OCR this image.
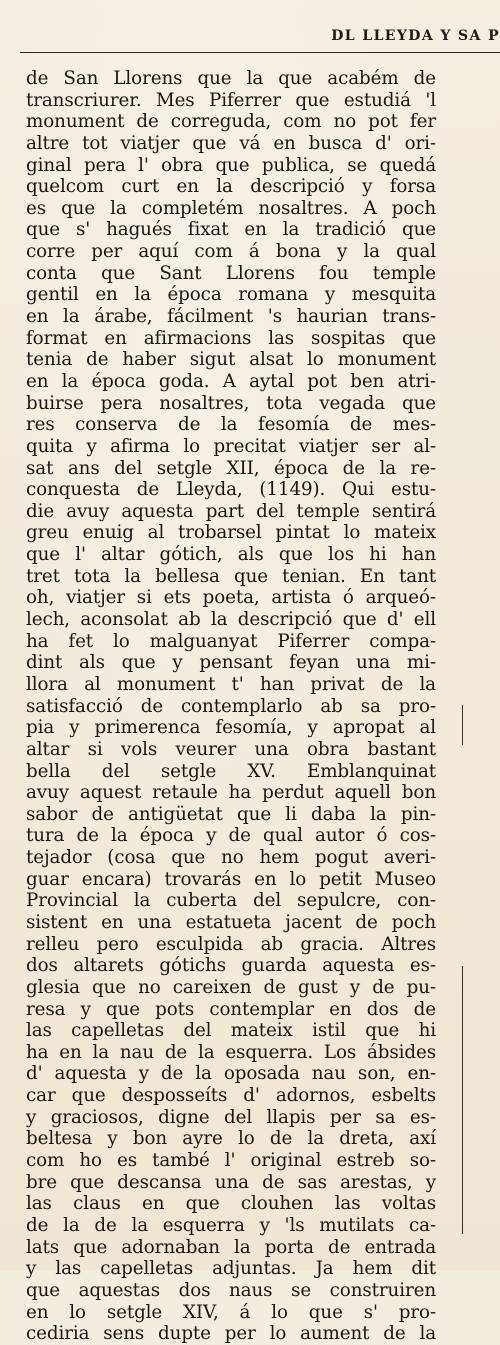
DL LLEYDA Y SA P
de San Llorens que la que acabém de
transcriurer. Mes Piferrer que estudiá 'l
monument de correguda, com no pot fer
altre tot viatjer que vá en busca d' ori-
ginal pera l' obra que publica, se quedá
quelcom curt en la descripció y forsa
es que la completém nosaltres. A poch
que s' hagués fixat en la tradició que
corre per aquí com á bona y la qual
conta que Sant Llorens fou temple
gentil en la época romana y mesquita
en la árabe, fácilment 's haurian trans-
format en afirmacions las sospitas que
tenia de haber sigut alsat lo monument
en la época goda. A aytal pot ben atri-
buirse pera nosaltres, tota vegada que
res conserva de la fesomía de mes-
quita y afirma lo precitat viatjer ser al-
sat ans del setgle XII, época de la re-
conquesta de Lleyda, (1149). Qui estu-
die avuy aquesta part del temple sentirá
greu enuig al trobarsel pintat lo mateix
que l' altar gótich, als que los hi han
tret tota la bellesa que tenian. En tant
oh, viatjer si ets poeta, artista ó arqueó-
lech, aconsolat ab la descripció que d' ell
ha fet lo malguanyat Piferrer compa-
dint als que y pensant feyan una mi-
llora al monument t' han privat de la
satisfacció de contemplarlo ab sa pro-
pia y primerenca fesomía, y apropat al
altar si vols veurer una obra bastant
bella del setgle XV. Emblanquinat
avuy aquest retaule ha perdut aquell bon
sabor de antigüetat que li daba la pin-
tura de la época y de qual autor ó cos-
tejador (cosa que no hem pogut averi-
guar encara) trovarás en lo petit Museo
Provincial la cuberta del sepulcre, con-
sistent en una estatueta jacent de poch
relleu pero esculpida ab gracia. Altres
dos altarets gótichs guarda aquesta es-
glesia que no careixen de gust y de pu-
resa y que pots contemplar en dos de
las capelletas del mateix istil que hi
ha en la nau de la esquerra. Los ábsides
d' aquesta y de la oposada nau son, en-
car que desposseíts d' adornos, esbelts
y graciosos, digne del llapis per sa es-
beltesa y bon ayre lo de la dreta, axí
com ho es també l' original estreb so-
bre que descansa una de sas arestas, y
las claus en que clouhen las voltas
de la de la esquerra y 'ls mutilats ca-
lats que adornaban la porta de entrada
y las capelletas adjuntas. Ja hem dit
que aquestas dos naus se construiren
en lo setgle XIV, á lo que s' pro-
cediria sens dupte per lo aument de la
